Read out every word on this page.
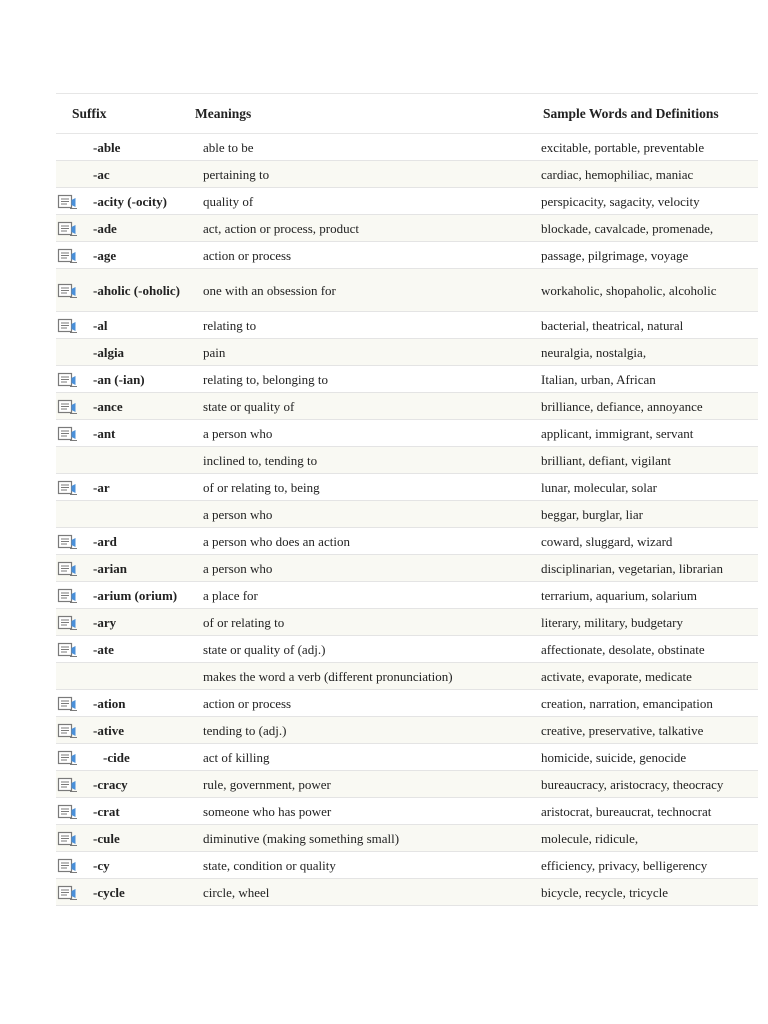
Suffix		Meanings	Sample Words and Definitions
	-able	able to be	excitable, portable, preventable
	-ac	pertaining to	cardiac, hemophiliac, maniac
	-acity (-ocity)	quality of	perspicacity, sagacity, velocity
	-ade	act, action or process, product	blockade, cavalcade, promenade,
	-age	action or process	passage, pilgrimage, voyage
	-aholic (-oholic)	one with an obsession for	workaholic, shopaholic, alcoholic
	-al	relating to	bacterial, theatrical, natural
	-algia	pain	neuralgia, nostalgia,
	-an (-ian)	relating to, belonging to	Italian, urban, African
	-ance	state or quality of	brilliance, defiance, annoyance
	-ant	a person who	applicant, immigrant, servant
		inclined to, tending to	brilliant, defiant, vigilant
	-ar	of or relating to, being	lunar, molecular, solar
		a person who	beggar, burglar, liar
	-ard	a person who does an action	coward, sluggard, wizard
	-arian	a person who	disciplinarian, vegetarian, librarian
	-arium (orium)	a place for	terrarium, aquarium, solarium
	-ary	of or relating to	literary, military, budgetary
	-ate	state or quality of (adj.)	affectionate, desolate, obstinate
		makes the word a verb (different pronunciation)	activate, evaporate, medicate
	-ation	action or process	creation, narration, emancipation
	-ative	tending to (adj.)	creative, preservative, talkative
	-cide	act of killing	homicide, suicide, genocide
	-cracy	rule, government, power	bureaucracy, aristocracy, theocracy
	-crat	someone who has power	aristocrat, bureaucrat, technocrat
	-cule	diminutive (making something small)	molecule, ridicule,
	-cy	state, condition or quality	efficiency, privacy, belligerency
	-cycle	circle, wheel	bicycle, recycle, tricycle
